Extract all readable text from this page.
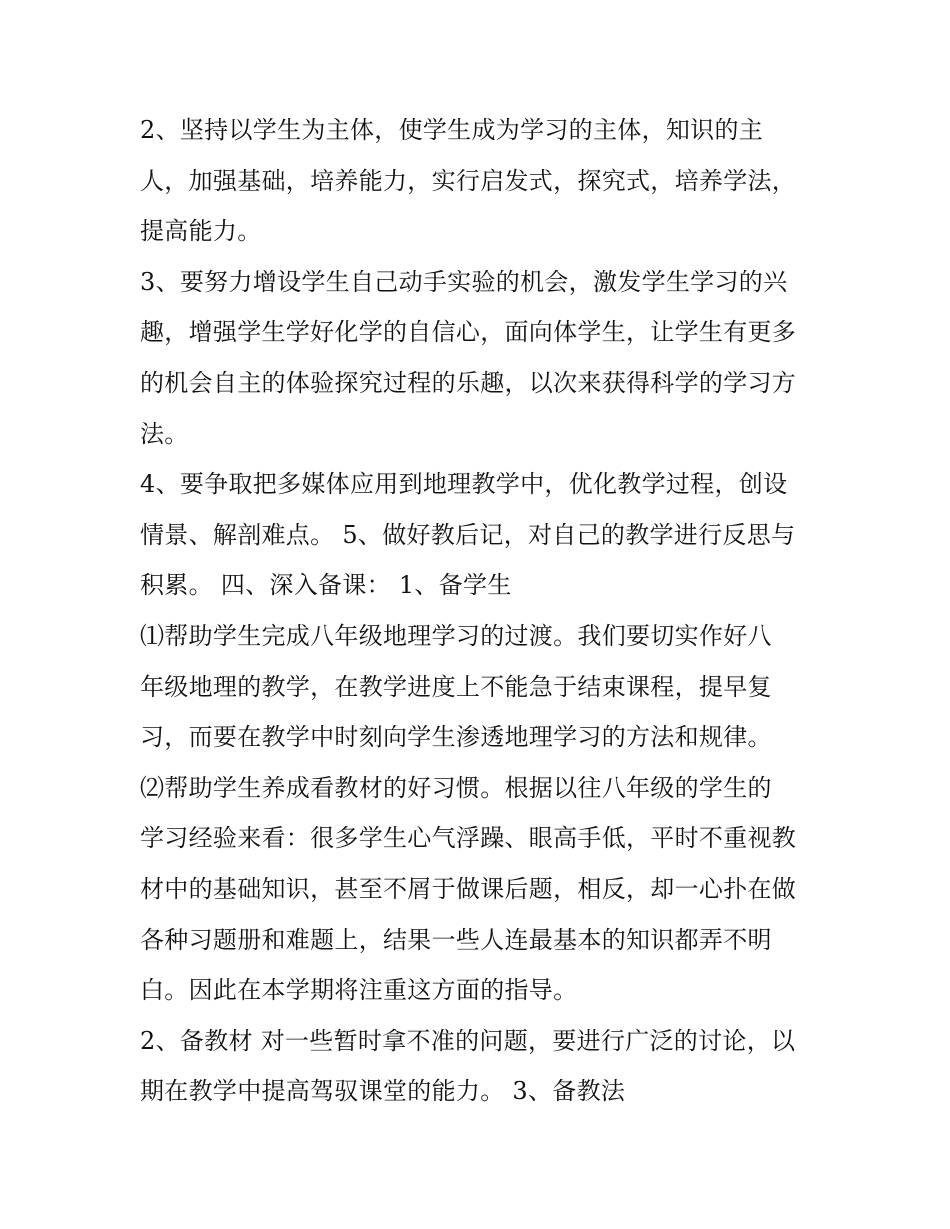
2、坚持以学生为主体，使学生成为学习的主体，知识的主
人，加强基础，培养能力，实行启发式，探究式，培养学法，
提高能力。
3、要努力增设学生自己动手实验的机会，激发学生学习的兴
趣，增强学生学好化学的自信心，面向体学生，让学生有更多
的机会自主的体验探究过程的乐趣，以次来获得科学的学习方
法。
4、要争取把多媒体应用到地理教学中，优化教学过程，创设
情景、解剖难点。 5、做好教后记，对自己的教学进行反思与
积累。 四、深入备课： 1、备学生
⑴帮助学生完成八年级地理学习的过渡。我们要切实作好八
年级地理的教学，在教学进度上不能急于结束课程，提早复
习，而要在教学中时刻向学生渗透地理学习的方法和规律。
⑵帮助学生养成看教材的好习惯。根据以往八年级的学生的
学习经验来看：很多学生心气浮躁、眼高手低，平时不重视教
材中的基础知识，甚至不屑于做课后题，相反，却一心扑在做
各种习题册和难题上，结果一些人连最基本的知识都弄不明
白。因此在本学期将注重这方面的指导。
2、备教材 对一些暂时拿不准的问题，要进行广泛的讨论，以
期在教学中提高驾驭课堂的能力。 3、备教法
